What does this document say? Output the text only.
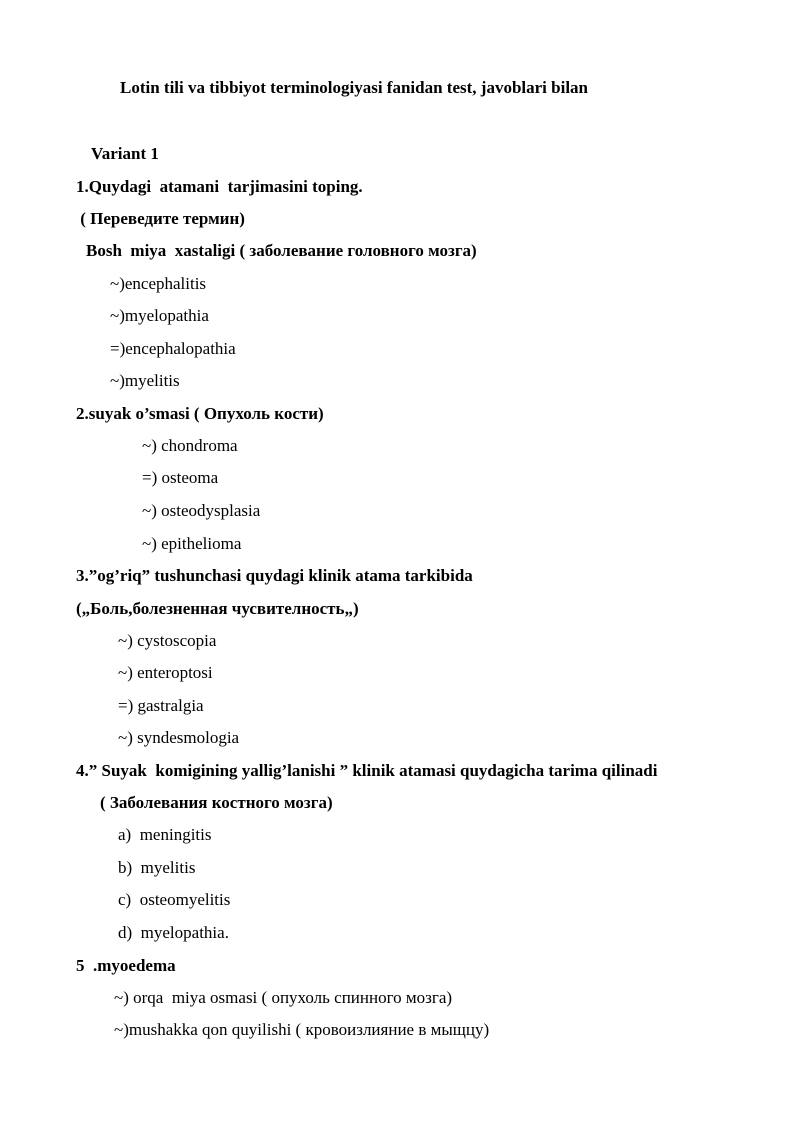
Lotin tili va tibbiyot terminologiyasi fanidan test, javoblari bilan
Variant 1
1.Quydagi  atamani  tarjimasini toping.
( Переведите термин)
Bosh  miya  xastaligi ( заболевание головного мозга)
~)encephalitis
~)myelopathia
=)encephalopathia
~)myelitis
2.suyak o’smasi ( Опухоль кости)
~) chondroma
=) osteoma
~) osteodysplasia
~) epithelioma
3.”og’riq” tushunchasi quydagi klinik atama tarkibida
(„Боль,болезненная чусвителность„)
~) cystoscopia
~) enteroptosi
=) gastralgia
~) syndesmologia
4.” Suyak  komigining yallig’lanishi ” klinik atamasi quydagicha tarima qilinadi
( Заболевания костного мозга)
a)  meningitis
b)  myelitis
c)  osteomyelitis
d)  myelopathia.
5  .myoedema
~) orqa  miya osmasi ( опухоль спинного мозга)
~)mushakka qon quyilishi ( кровоизлияние в мыщцу)
